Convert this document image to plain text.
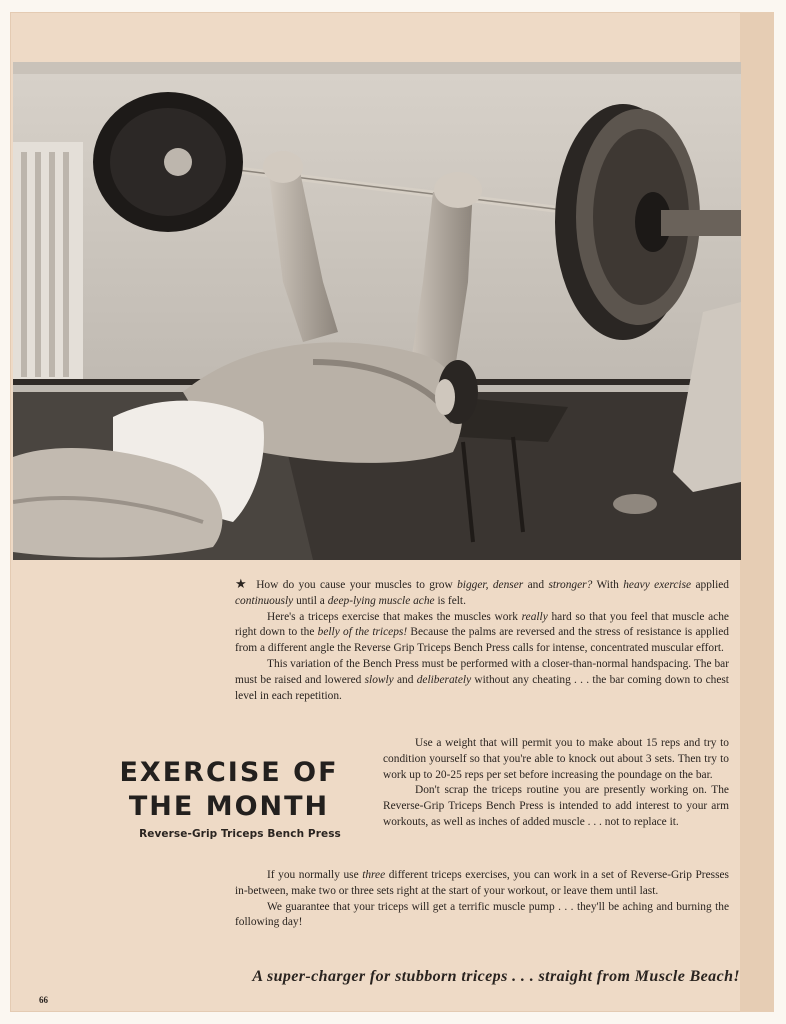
★ How do you cause your muscles to grow bigger, denser and stronger? With heavy exercise applied continuously until a deep-lying muscle ache is felt.

Here's a triceps exercise that makes the muscles work really hard so that you feel that muscle ache right down to the belly of the triceps! Because the palms are reversed and the stress of resistance is applied from a different angle the Reverse Grip Triceps Bench Press calls for intense, concentrated muscular effort.

This variation of the Bench Press must be performed with a closer-than-normal handspacing. The bar must be raised and lowered slowly and deliberately without any cheating . . . the bar coming down to chest level in each repetition.

EXERCISE OF
THE MONTH
Reverse-Grip Triceps Bench Press

Use a weight that will permit you to make about 15 reps and try to condition yourself so that you're able to knock out about 3 sets. Then try to work up to 20-25 reps per set before increasing the poundage on the bar.

Don't scrap the triceps routine you are presently working on. The Reverse-Grip Triceps Bench Press is intended to add interest to your arm workouts, as well as inches of added muscle . . . not to replace it.

If you normally use three different triceps exercises, you can work in a set of Reverse-Grip Presses in-between, make two or three sets right at the start of your workout, or leave them until last.

We guarantee that your triceps will get a terrific muscle pump . . . they'll be aching and burning the following day!

A super-charger for stubborn triceps . . . straight from Muscle Beach!
66
